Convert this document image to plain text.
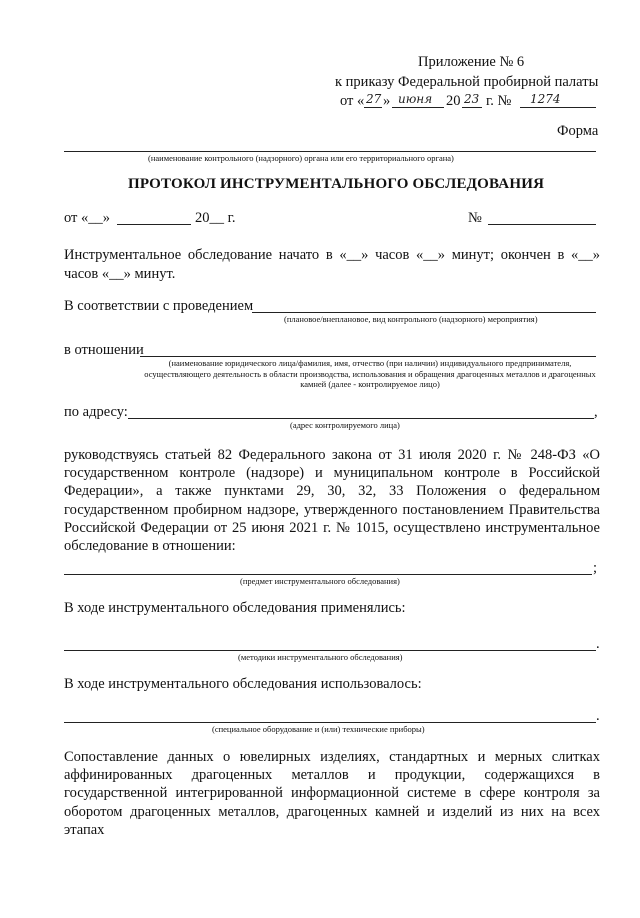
Приложение № 6
к приказу Федеральной пробирной палаты
от « 27 » июня 20 23 г. № 1274
Форма
(наименование контрольного (надзорного) органа или его территориального органа)
ПРОТОКОЛ ИНСТРУМЕНТАЛЬНОГО ОБСЛЕДОВАНИЯ
от «__»	20__ г.	№
Инструментальное обследование начато в «__» часов «__» минут; окончен в «__» часов «__» минут.
В соответствии с проведением
(плановое/внеплановое, вид контрольного (надзорного) мероприятия)
в отношении
(наименование юридического лица/фамилия, имя, отчество (при наличии) индивидуального предпринимателя, осуществляющего деятельность в области производства, использования и обращения драгоценных металлов и драгоценных камней (далее - контролируемое лицо)
по адресу:	,
(адрес контролируемого лица)
руководствуясь статьей 82 Федерального закона от 31 июля 2020 г. № 248-ФЗ «О государственном контроле (надзоре) и муниципальном контроле в Российской Федерации», а также пунктами 29, 30, 32, 33 Положения о федеральном государственном пробирном надзоре, утвержденного постановлением Правительства Российской Федерации от 25 июня 2021 г. № 1015, осуществлено инструментальное обследование в отношении:
;
(предмет инструментального обследования)
В ходе инструментального обследования применялись:
.
(методики инструментального обследования)
В ходе инструментального обследования использовалось:
.
(специальное оборудование и (или) технические приборы)
Сопоставление данных о ювелирных изделиях, стандартных и мерных слитках аффинированных драгоценных металлов и продукции, содержащихся в государственной интегрированной информационной системе в сфере контроля за оборотом драгоценных металлов, драгоценных камней и изделий из них на всех этапах
